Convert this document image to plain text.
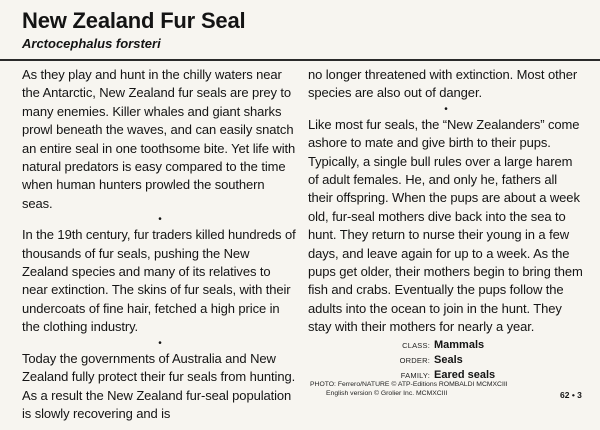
New Zealand Fur Seal
Arctocephalus forsteri

As they play and hunt in the chilly waters near the Antarctic, New Zealand fur seals are prey to many enemies. Killer whales and giant sharks prowl beneath the waves, and can easily snatch an entire seal in one toothsome bite. Yet life with natural predators is easy compared to the time when human hunters prowled the southern seas.

•

In the 19th century, fur traders killed hundreds of thousands of fur seals, pushing the New Zealand species and many of its relatives to near extinction. The skins of fur seals, with their undercoats of fine hair, fetched a high price in the clothing industry.

•

Today the governments of Australia and New Zealand fully protect their fur seals from hunting. As a result the New Zealand fur-seal population is slowly recovering and is

no longer threatened with extinction. Most other species are also out of danger.

•

Like most fur seals, the “New Zealanders” come ashore to mate and give birth to their pups. Typically, a single bull rules over a large harem of adult females. He, and only he, fathers all their offspring. When the pups are about a week old, fur-seal mothers dive back into the sea to hunt. They return to nurse their young in a few days, and leave again for up to a week. As the pups get older, their mothers begin to bring them fish and crabs. Eventually the pups follow the adults into the ocean to join in the hunt. They stay with their mothers for nearly a year.

CLASS: Mammals
ORDER: Seals
FAMILY: Eared seals
PHOTO: Ferrero/NATURE © ATP-Editions ROMBALDI MCMXCIII
English version © Grolier Inc. MCMXCIII	62 • 3
